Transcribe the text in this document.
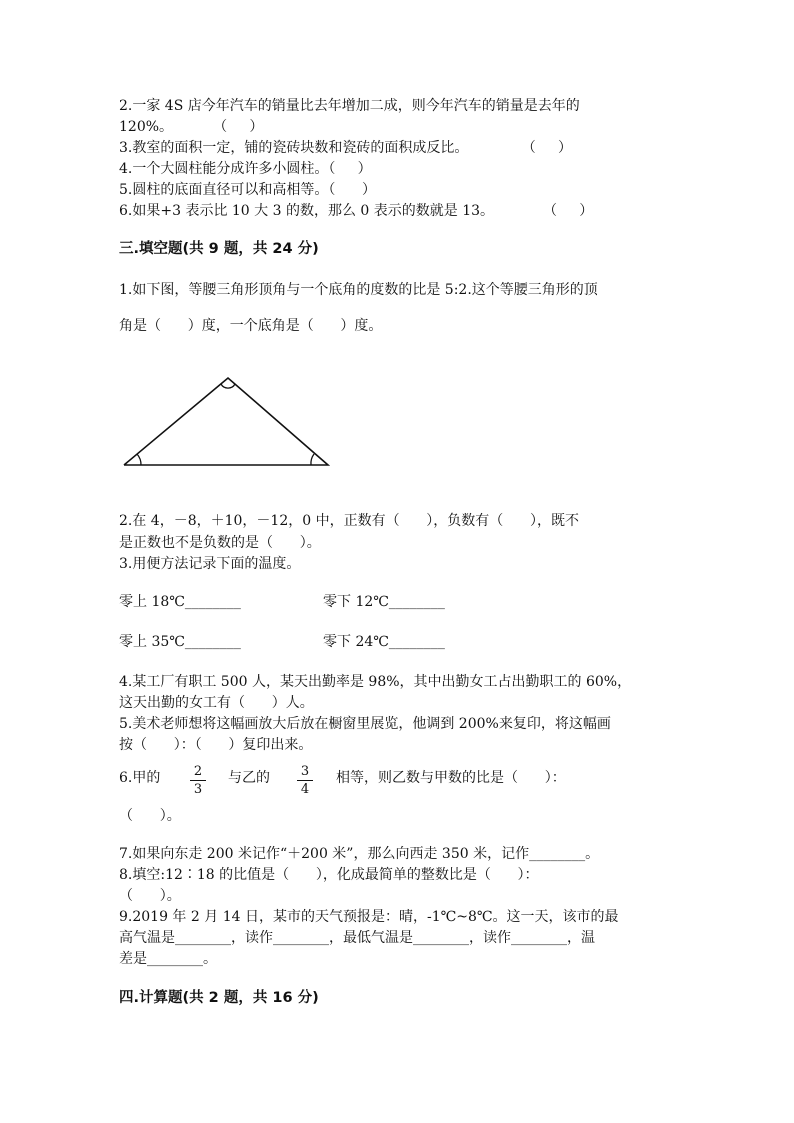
2.一家 4S 店今年汽车的销量比去年增加二成，则今年汽车的销量是去年的
120%。         （     ）
3.教室的面积一定，铺的瓷砖块数和瓷砖的面积成反比。            （     ）
4.一个大圆柱能分成许多小圆柱。（     ）
5.圆柱的底面直径可以和高相等。（      ）
6.如果+3 表示比 10 大 3 的数，那么 0 表示的数就是 13。           （     ）
三.填空题(共 9 题，共 24 分)
1.如下图，等腰三角形顶角与一个底角的度数的比是 5:2.这个等腰三角形的顶
角是（      ）度，一个底角是（      ）度。
2.在 4，－8，＋10，－12，0 中，正数有（      ），负数有（      ），既不
是正数也不是负数的是（      ）。
3.用便方法记录下面的温度。
零上 18℃________	零下 12℃________
零上 35℃________	零下 24℃________
4.某工厂有职工 500 人，某天出勤率是 98%，其中出勤女工占出勤职工的 60%，
这天出勤的女工有（      ）人。
5.美术老师想将这幅画放大后放在橱窗里展览，他调到 200%来复印，将这幅画
按（      ）：（      ）复印出来。
6.甲的	2
3
与乙的 3
4
相等，则乙数与甲数的比是（      ）：
（      ）。
7.如果向东走 200 米记作“＋200 米”，那么向西走 350 米，记作________。
8.填空:12∶18 的比值是（      ），化成最简单的整数比是（      ）：
（      ）。
9.2019 年 2 月 14 日，某市的天气预报是：晴，-1℃~8℃。这一天，该市的最
高气温是________，读作________，最低气温是________，读作________，温
差是________。
四.计算题(共 2 题，共 16 分)
